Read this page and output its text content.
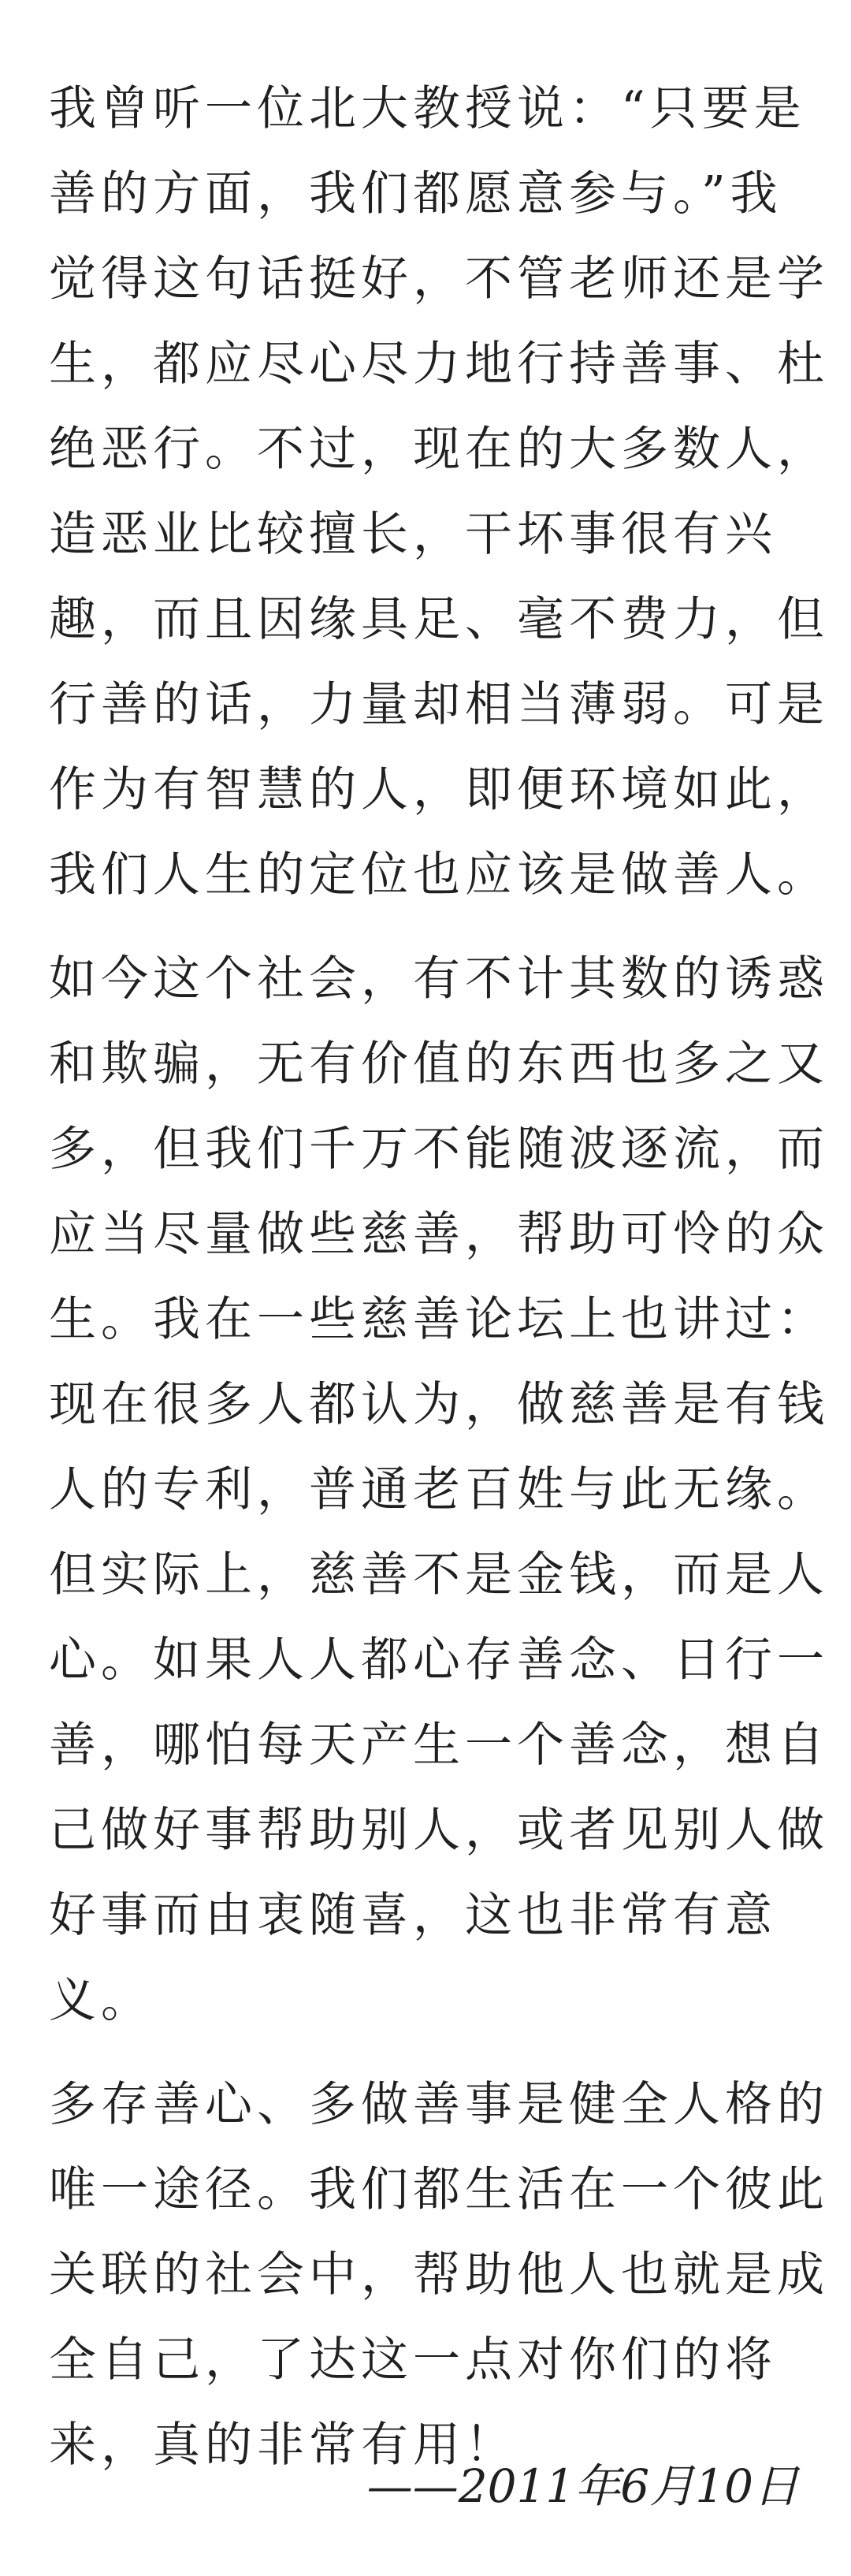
我曾听一位北大教授说：“只要是
善的方面，我们都愿意参与。”我
觉得这句话挺好，不管老师还是学
生，都应尽心尽力地行持善事、杜
绝恶行。不过，现在的大多数人，
造恶业比较擅长，干坏事很有兴
趣，而且因缘具足、毫不费力，但
行善的话，力量却相当薄弱。可是
作为有智慧的人，即便环境如此，
我们人生的定位也应该是做善人。

如今这个社会，有不计其数的诱惑
和欺骗，无有价值的东西也多之又
多，但我们千万不能随波逐流，而
应当尽量做些慈善，帮助可怜的众
生。我在一些慈善论坛上也讲过：
现在很多人都认为，做慈善是有钱
人的专利，普通老百姓与此无缘。
但实际上，慈善不是金钱，而是人
心。如果人人都心存善念、日行一
善，哪怕每天产生一个善念，想自
己做好事帮助别人，或者见别人做
好事而由衷随喜，这也非常有意
义。

多存善心、多做善事是健全人格的
唯一途径。我们都生活在一个彼此
关联的社会中，帮助他人也就是成
全自己，了达这一点对你们的将
来，真的非常有用！

——2011年6月10日
